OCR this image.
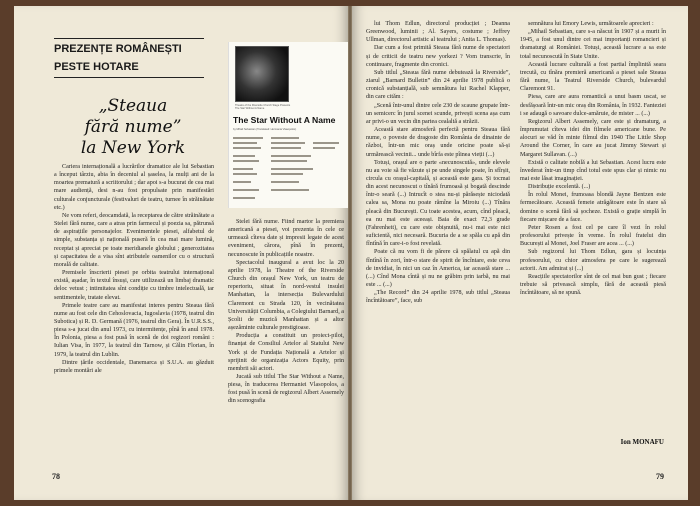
PREZENȚE ROMÂNEȘTI PESTE HOTARE
„Steaua
fără nume”
la New York

Cariera internațională a lucrărilor dramatice ale lui Sebastian a început târziu, abia în deceniul al șaselea, la mulți ani de la moartea prematură a scriitorului ; dar apoi s-a bucurat de cea mai mare audiență, desi n-au fost propulsate prin manifestări culturale conjuncturale (festivaluri de teatru, turnee în străinătate etc.)

Ne vom referi, deocamdată, la receptarea de către străinătate a Stelei fără nume, care a atras prin farmecul și poezia sa, pătrunsă de aspirațiile personajelor. Evenimentele piesei, alfabetul de simple, substanța și națională puseră în cea mai mare lumină, receptat și apreciat pe toate meridianele globului ; generozitatea și capacitatea de a visa sînt atributele oamenilor cu o structură morală de calitate.

Premisele înscrierii piesei pe orbita teatrului internațional există, așadar, în textul însuși, care utilizează un limbaj dramatic deloc vetust ; intimitatea sînt condiție cu timbre intelectuală, iar sentimentele, tratate elevat.

Primele teatre care au manifestat interes pentru Steaua fără nume au fost cele din Cehoslovacia, Iugoslavia (1978, teatrul din Subotica) și R. D. Germană (1976, teatrul din Gera). În U.R.S.S., piesa s-a jucat din anul 1973, cu intermitențe, pînă în anul 1978. În Polonia, piesa a fost pusă în scenă de doi regizori români : Iulian Visa, în 1977, la teatrul din Tarnow, și Călin Florian, în 1979, la teatrul din Lublin.

Dintre țările occidentale, Danemarca și S.U.A. au găzduit primele montări ale

Theatre of the Riverside Church Stage Presents The Star Without A Name
The Star Without A Name
by Mihail Sebastian (Translated: Hermania Vlasopolos)

Stelei fără nume. Fiind martor la premiera americană a piesei, voi prezenta în cele ce urmează cîteva date și impresii legate de acest eveniment, cărora, pînă în prezent, necunoscute în publicațiile noastre.

Spectacolul inaugural a avut loc la 20 aprilie 1978, la Theatre of the Riverside Church din orașul New York, un teatru de repertoriu, situat în nord-vestul insulei Manhattan, la intersecția Bulevardului Claremont cu Strada 120, în vecinătatea Universității Columbia, a Colegiului Barnard, a Școlii de muzică Manhattan și a altor așezăminte culturale prestigioase.

Producția a constituit un proiect-pilot, finanțat de Consiliul Artelor al Statului New York și de Fundația Națională a Artelor și sprijinit de organizația Actors Equity, prin membrii săi actori.

Jucată sub titlul The Star Without a Name, piesa, în traducerea Hermaniei Vlasopolos, a fost pusă în scenă de regizorul Albert Assemely din scenografia

78

lui Thom Edlun, directorul producției ; Deanna Greenwood, luminii ; Al. Sayers, costume ; Jeffrey Ullman, directorul artistic al teatrului ; Anita L. Thomas).

Dar cum a fost primită Steaua fără nume de spectatori și de criticii de teatru new yorkezi ? Vom transcrie, în continuare, fragmente din cronici.

Sub titlul „Steaua fără nume debutează la Riverside”, ziarul „Barnard Bulletin” din 24 aprilie 1978 publică o cronică substanțială, sub semnătura lui Rachel Klapper, din care cităm :

„Scenă într-unul dintre cele 230 de scaune grupate într-un semicerc în jurul scenei scunde, privești scena așa cum ar privi-o un vecin din partea cealaltă a străzii.

Această stare atmosferă perfectă pentru Steaua fără nume, o poveste de dragoste din România de dinainte de război, într-un mic oraș unde oricine poate să-și urmărească vecinii... unde bîrfa este pîinea vieții (...)

Totuși, orașul are o parte «necunoscută», unde elevele nu au voie să fie văzute și pe unde singele poate, în sfîrșit, circula cu orașul-capitală, și această este gara. Și tocmai din acest necunoscut o tînără frumoasă și bogată descinde într-o seară (...) Intrucît o stea nu-și părăsește niciodată calea sa, Mona nu poate rămîne la Miroiu (...) Tînăra pleacă din Bucureşti. Cu toate acestea, acum, cînd pleacă, ea nu mai este aceeași. Baia de exact 72,3 grade (Fahrenheit), cu care este obișnuită, nu-i mai este nici suficientă, nici necesară. Bucuria de a se spăla cu apă din fîntînă în care-i-o fost revelată.

Poate că nu vom fi de părere că spălatul cu apă din fîntînă în zori, într-o stare de spirit de încîntare, este ceva de invidiat, în nici un caz în America, iar această stare ... (...) Cînd Mona cîntă și nu ne grăbim prin iarbă, nu mai este ... (...)

„The Record” din 24 aprilie 1978, sub titlul „Steaua încîntătoare”, face, sub

semnătura lui Emory Lewis, următoarele aprecieri :

„Mihail Sebastian, care s-a născut în 1907 și a murit în 1945, a fost unul dintre cei mai importanți romancieri și dramaturgi ai României. Totuși, această lucrare a sa este total necunoscută în State Unite.

Această lucrare culturală a fost partial împlinită seara trecută, cu tînăra premieră americană a piesei sale Steaua fără nume, la Teatrul Riverside Church, bulevardul Claremont 91.

Piesa, care are aura romantică a unui basm uscat, se desfășoară într-un mic oraș din România, în 1932. Fanteziei i se adaugă o savoare dulce-amăruie, de mister ... (...)

Regizorul Albert Assemely, care este și dramaturg, a împrumutat cîteva idei din filmele americane bune. Pe alocuri se văd în minte filmul din 1940 The Little Shop Around the Corner, în care au jucat Jimmy Stewart și Margaret Sullavan. (...)

Există o calitate nobilă a lui Sebastian. Acest lucru este învederat într-un timp cînd totul este spus clar și nimic nu mai este lăsat imaginației.

Distribuție excelentă. (...)

În rolul Monei, frumoasa blondă Jayne Bentzen este fermecătoare. Această femeie atrăgătoare este în stare să domine o scenă fără să șocheze. Există o grație simplă în fiecare mișcare de a face.

Peter Rosen a fost cel pe care îl vezi în rolul profesorului privește în vreme. În rolul fratelui din București al Monei, Joel Fraser are acea ... (...)

Sub regizorul lui Thom Edlun, gara și locuința profesorului, cu chior atmosfera pe care le sugerează actorii. Am admirat și (...)

Reacțiile spectatorilor sînt de cel mai bun gust ; fiecare trebuie să privească simplu, fără de această piesă încîntătoare, să ne spună.

Ion MONAFU
79
